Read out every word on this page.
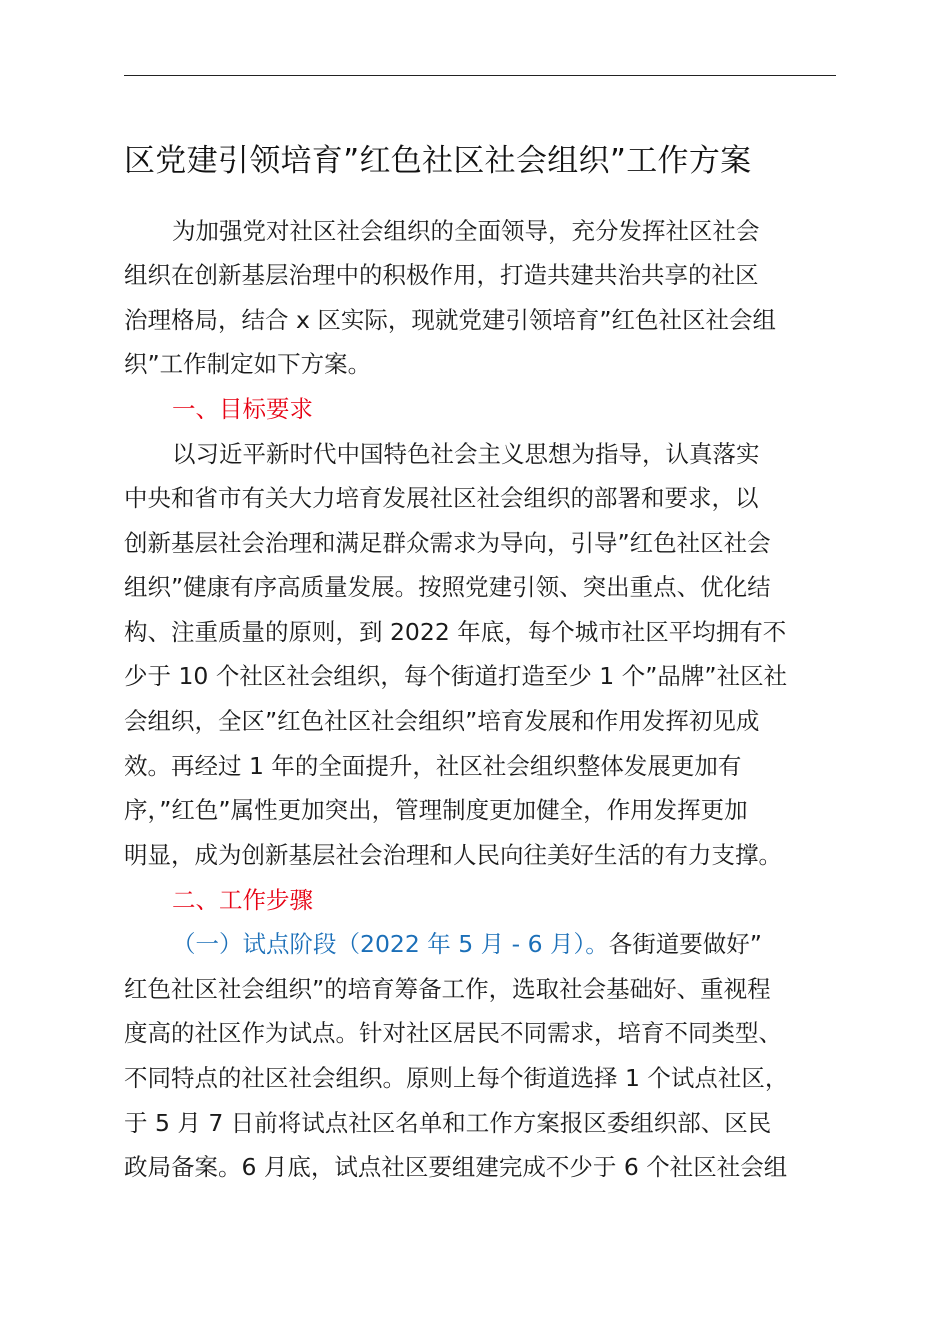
区党建引领培育”红色社区社会组织”工作方案
为加强党对社区社会组织的全面领导，充分发挥社区社会
组织在创新基层治理中的积极作用，打造共建共治共享的社区
治理格局，结合 x 区实际，现就党建引领培育”红色社区社会组
织”工作制定如下方案。
一、目标要求
以习近平新时代中国特色社会主义思想为指导，认真落实
中央和省市有关大力培育发展社区社会组织的部署和要求，以
创新基层社会治理和满足群众需求为导向，引导”红色社区社会
组织”健康有序高质量发展。按照党建引领、突出重点、优化结
构、注重质量的原则，到 2022 年底，每个城市社区平均拥有不
少于 10 个社区社会组织，每个街道打造至少 1 个”品牌”社区社
会组织，全区”红色社区社会组织”培育发展和作用发挥初见成
效。再经过 1 年的全面提升，社区社会组织整体发展更加有
序，”红色”属性更加突出，管理制度更加健全，作用发挥更加
明显，成为创新基层社会治理和人民向往美好生活的有力支撑。
二、工作步骤
（一）试点阶段（2022 年 5 月 - 6 月）。各街道要做好”
红色社区社会组织”的培育筹备工作，选取社会基础好、重视程
度高的社区作为试点。针对社区居民不同需求，培育不同类型、
不同特点的社区社会组织。原则上每个街道选择 1 个试点社区，
于 5 月 7 日前将试点社区名单和工作方案报区委组织部、区民
政局备案。6 月底，试点社区要组建完成不少于 6 个社区社会组
